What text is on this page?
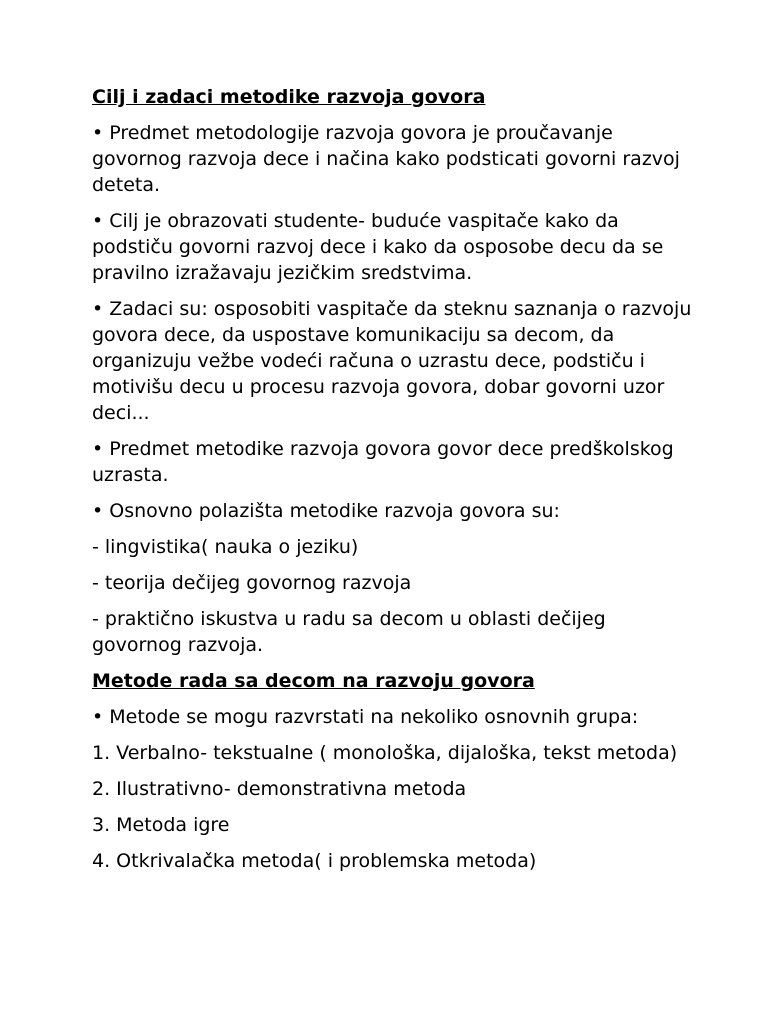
Cilj i zadaci metodike razvoja govora

• Predmet metodologije razvoja govora je proučavanje govornog razvoja dece i načina kako podsticati govorni razvoj deteta.

• Cilj je obrazovati studente- buduće vaspitače kako da podstiču govorni razvoj dece i kako da osposobe decu da se pravilno izražavaju jezičkim sredstvima.

• Zadaci su: osposobiti vaspitače da steknu saznanja o razvoju govora dece, da uspostave komunikaciju sa decom, da organizuju vežbe vodeći računa o uzrastu dece, podstiču i motivišu decu u procesu razvoja govora, dobar govorni uzor deci...

• Predmet metodike razvoja govora govor dece predškolskog uzrasta.

• Osnovno polazišta metodike razvoja govora su:

- lingvistika( nauka o jeziku)

- teorija dečijeg govornog razvoja

- praktično iskustva u radu sa decom u oblasti dečijeg govornog razvoja.

Metode rada sa decom na razvoju govora

• Metode se mogu razvrstati na nekoliko osnovnih grupa:

1. Verbalno- tekstualne ( monološka, dijaloška, tekst metoda)

2. Ilustrativno- demonstrativna metoda

3. Metoda igre

4. Otkrivalačka metoda( i problemska metoda)
